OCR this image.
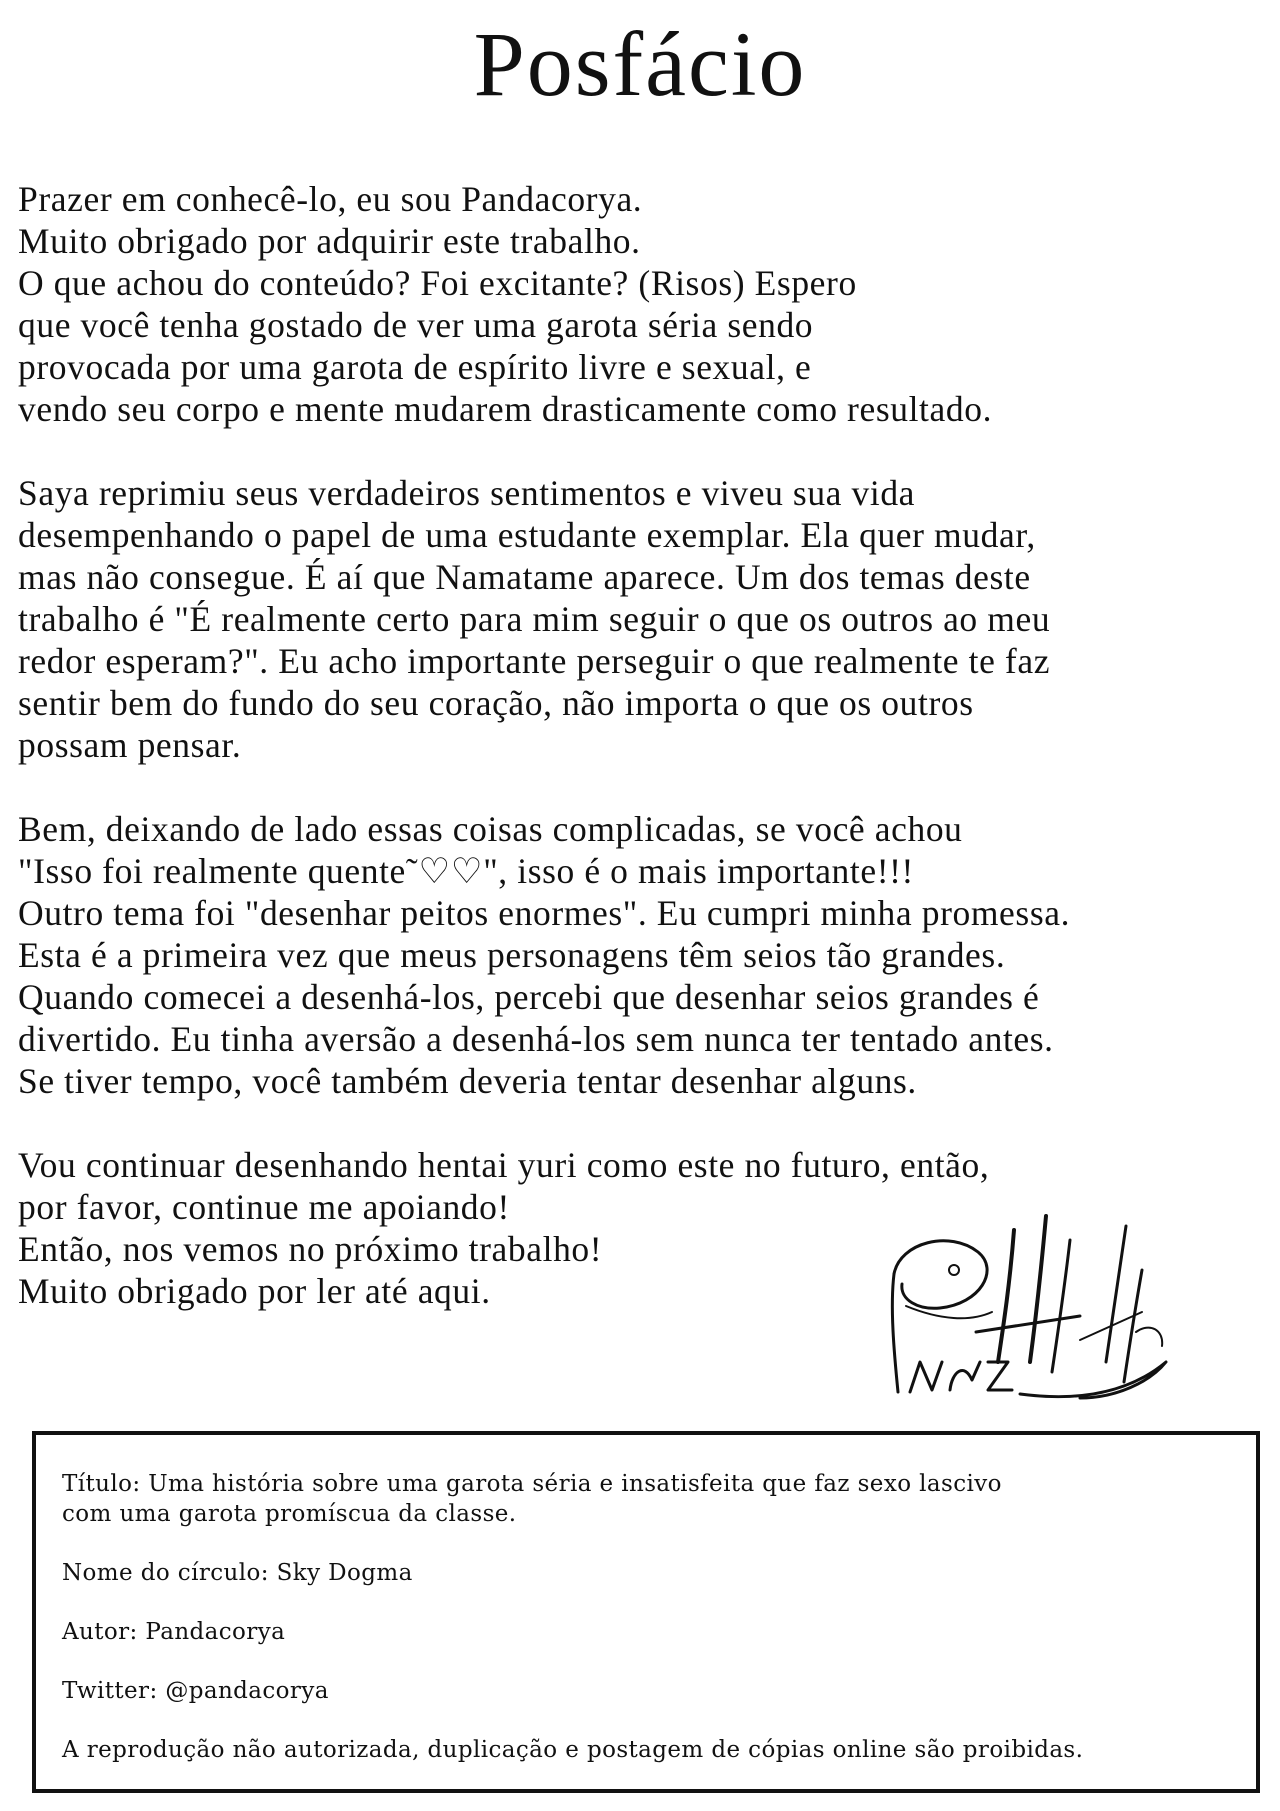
Posfácio

Prazer em conhecê-lo, eu sou Pandacorya.
Muito obrigado por adquirir este trabalho.
O que achou do conteúdo? Foi excitante? (Risos) Espero
que você tenha gostado de ver uma garota séria sendo
provocada por uma garota de espírito livre e sexual, e
vendo seu corpo e mente mudarem drasticamente como resultado.

Saya reprimiu seus verdadeiros sentimentos e viveu sua vida
desempenhando o papel de uma estudante exemplar. Ela quer mudar,
mas não consegue. É aí que Namatame aparece. Um dos temas deste
trabalho é "É realmente certo para mim seguir o que os outros ao meu
redor esperam?". Eu acho importante perseguir o que realmente te faz
sentir bem do fundo do seu coração, não importa o que os outros
possam pensar.

Bem, deixando de lado essas coisas complicadas, se você achou
"Isso foi realmente quente˜♡♡", isso é o mais importante!!!
Outro tema foi "desenhar peitos enormes". Eu cumpri minha promessa.
Esta é a primeira vez que meus personagens têm seios tão grandes.
Quando comecei a desenhá-los, percebi que desenhar seios grandes é
divertido. Eu tinha aversão a desenhá-los sem nunca ter tentado antes.
Se tiver tempo, você também deveria tentar desenhar alguns.

Vou continuar desenhando hentai yuri como este no futuro, então,
por favor, continue me apoiando!
Então, nos vemos no próximo trabalho!
Muito obrigado por ler até aqui.

Título: Uma história sobre uma garota séria e insatisfeita que faz sexo lascivo
com uma garota promíscua da classe.
Nome do círculo: Sky Dogma
Autor: Pandacorya
Twitter: @pandacorya
A reprodução não autorizada, duplicação e postagem de cópias online são proibidas.
